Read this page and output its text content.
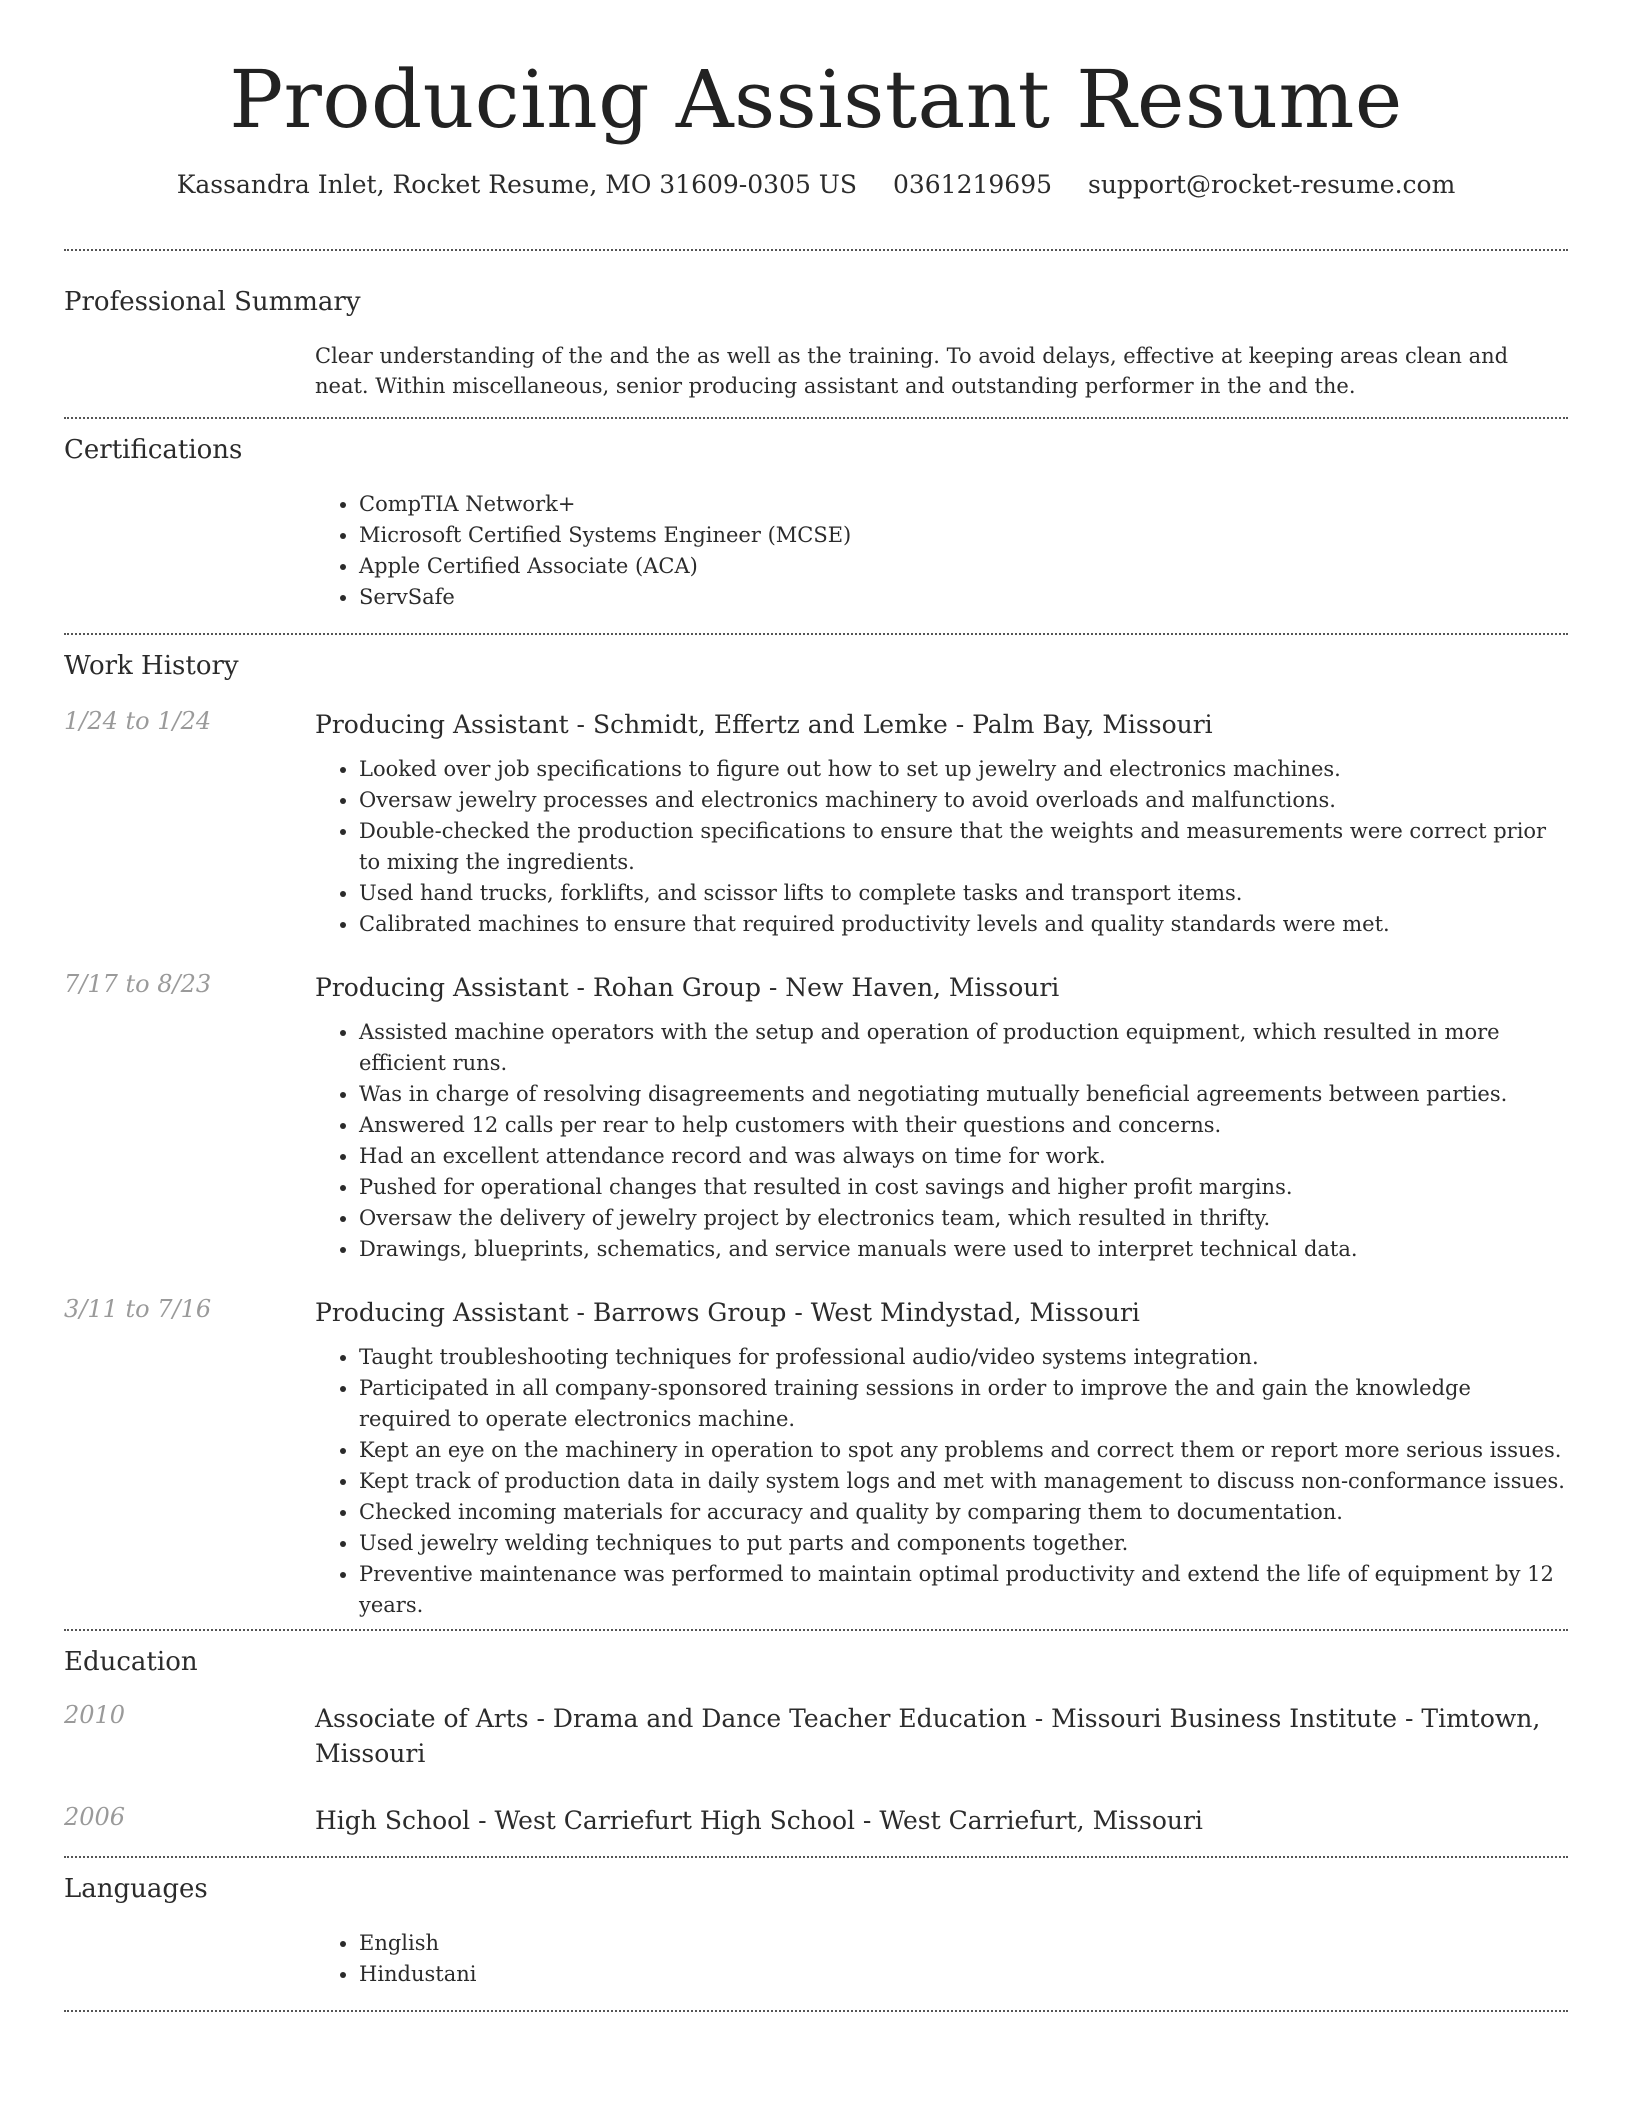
Producing Assistant Resume
Kassandra Inlet, Rocket Resume, MO 31609-0305 US 0361219695 support@rocket-resume.com
Professional Summary
Clear understanding of the and the as well as the training. To avoid delays, effective at keeping areas clean and neat. Within miscellaneous, senior producing assistant and outstanding performer in the and the.
Certifications
• CompTIA Network+
• Microsoft Certified Systems Engineer (MCSE)
• Apple Certified Associate (ACA)
• ServSafe
Work History
1/24 to 1/24	Producing Assistant - Schmidt, Effertz and Lemke - Palm Bay, Missouri
• Looked over job specifications to figure out how to set up jewelry and electronics machines.
• Oversaw jewelry processes and electronics machinery to avoid overloads and malfunctions.
• Double-checked the production specifications to ensure that the weights and measurements were correct prior to mixing the ingredients.
• Used hand trucks, forklifts, and scissor lifts to complete tasks and transport items.
• Calibrated machines to ensure that required productivity levels and quality standards were met.
7/17 to 8/23	Producing Assistant - Rohan Group - New Haven, Missouri
• Assisted machine operators with the setup and operation of production equipment, which resulted in more efficient runs.
• Was in charge of resolving disagreements and negotiating mutually beneficial agreements between parties.
• Answered 12 calls per rear to help customers with their questions and concerns.
• Had an excellent attendance record and was always on time for work.
• Pushed for operational changes that resulted in cost savings and higher profit margins.
• Oversaw the delivery of jewelry project by electronics team, which resulted in thrifty.
• Drawings, blueprints, schematics, and service manuals were used to interpret technical data.
3/11 to 7/16	Producing Assistant - Barrows Group - West Mindystad, Missouri
• Taught troubleshooting techniques for professional audio/video systems integration.
• Participated in all company-sponsored training sessions in order to improve the and gain the knowledge required to operate electronics machine.
• Kept an eye on the machinery in operation to spot any problems and correct them or report more serious issues.
• Kept track of production data in daily system logs and met with management to discuss non-conformance issues.
• Checked incoming materials for accuracy and quality by comparing them to documentation.
• Used jewelry welding techniques to put parts and components together.
• Preventive maintenance was performed to maintain optimal productivity and extend the life of equipment by 12 years.
Education
2010	Associate of Arts - Drama and Dance Teacher Education - Missouri Business Institute - Timtown, Missouri
2006	High School - West Carriefurt High School - West Carriefurt, Missouri
Languages
• English
• Hindustani
